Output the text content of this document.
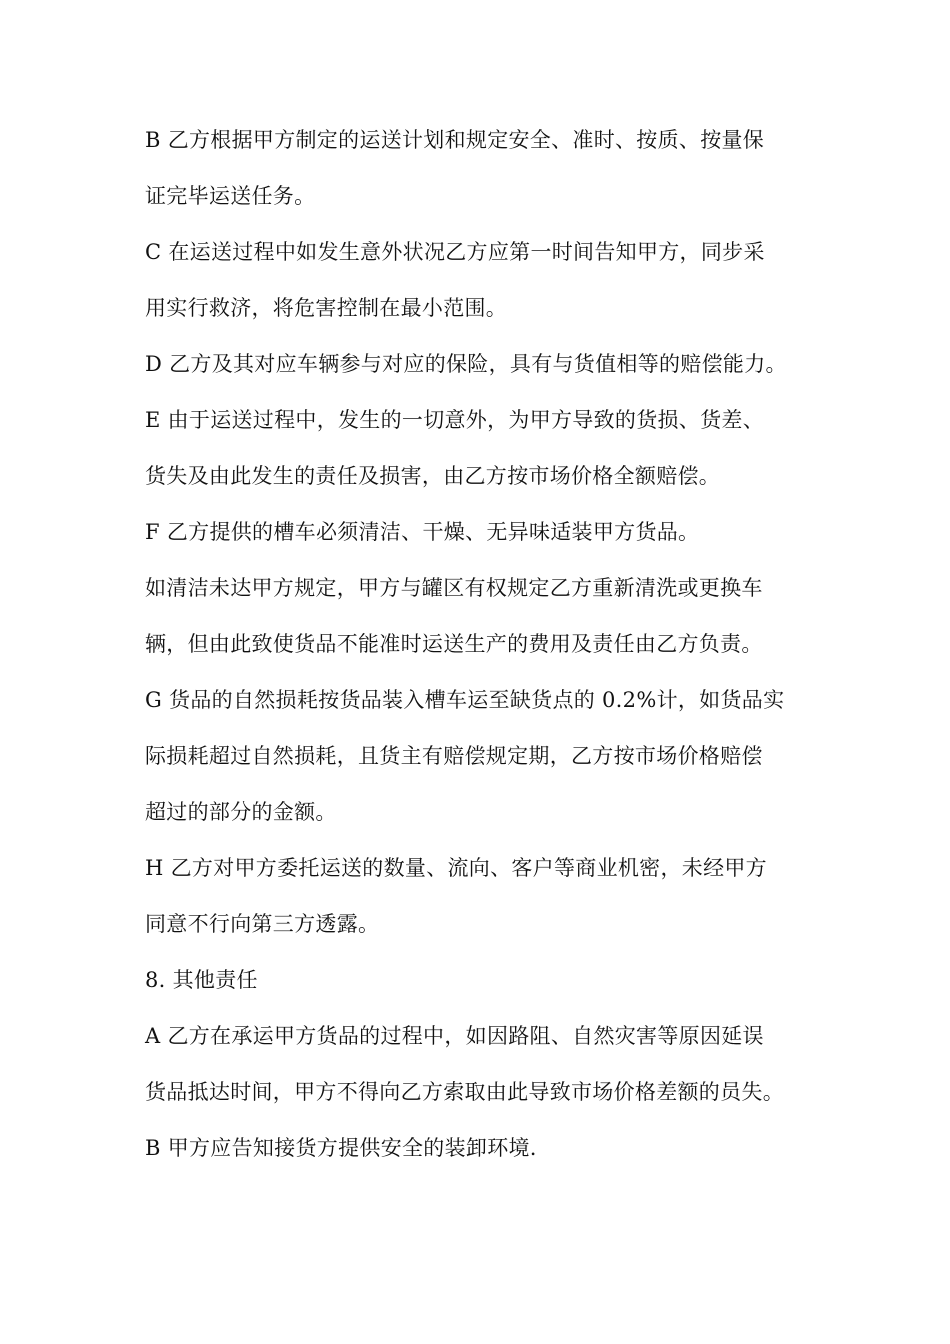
B 乙方根据甲方制定的运送计划和规定安全、准时、按质、按量保
证完毕运送任务。
C 在运送过程中如发生意外状况乙方应第一时间告知甲方，同步采
用实行救济，将危害控制在最小范围。
D 乙方及其对应车辆参与对应的保险，具有与货值相等的赔偿能力。
E 由于运送过程中，发生的一切意外，为甲方导致的货损、货差、
货失及由此发生的责任及损害，由乙方按市场价格全额赔偿。
F 乙方提供的槽车必须清洁、干燥、无异味适装甲方货品。
如清洁未达甲方规定，甲方与罐区有权规定乙方重新清洗或更换车
辆，但由此致使货品不能准时运送生产的费用及责任由乙方负责。
G 货品的自然损耗按货品装入槽车运至缺货点的 0.2%计，如货品实
际损耗超过自然损耗，且货主有赔偿规定期，乙方按市场价格赔偿
超过的部分的金额。
H 乙方对甲方委托运送的数量、流向、客户等商业机密，未经甲方
同意不行向第三方透露。
8. 其他责任
A 乙方在承运甲方货品的过程中，如因路阻、自然灾害等原因延误
货品抵达时间，甲方不得向乙方索取由此导致市场价格差额的员失。
B 甲方应告知接货方提供安全的装卸环境.
